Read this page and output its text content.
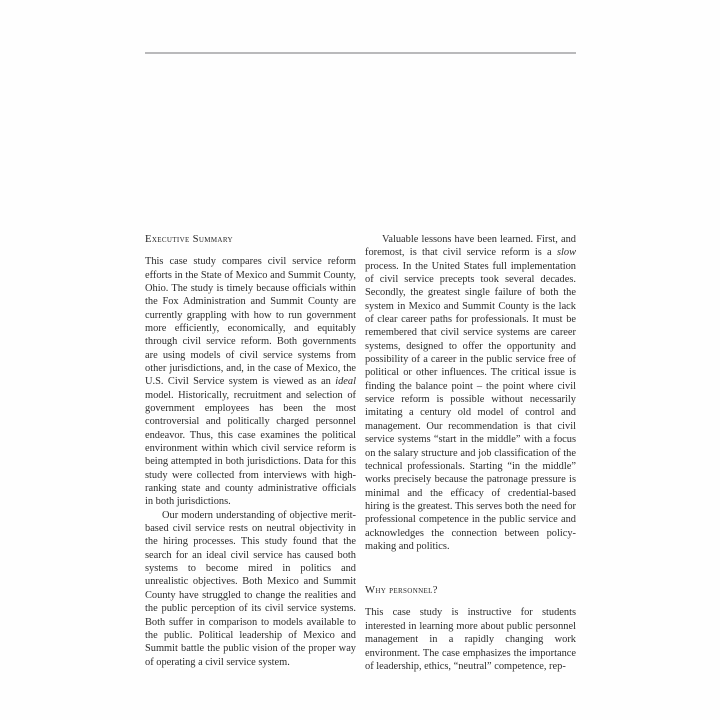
Executive Summary

This case study compares civil service reform efforts in the State of Mexico and Summit County, Ohio. The study is timely because officials within the Fox Administration and Summit County are currently grappling with how to run government more efficiently, economically, and equitably through civil service reform. Both governments are using models of civil service systems from other jurisdictions, and, in the case of Mexico, the U.S. Civil Service system is viewed as an ideal model. Historically, recruitment and selection of government employees has been the most controversial and politically charged personnel endeavor. Thus, this case examines the political environment within which civil service reform is being attempted in both jurisdictions. Data for this study were collected from interviews with high-ranking state and county administrative officials in both jurisdictions.

Our modern understanding of objective merit-based civil service rests on neutral objectivity in the hiring processes. This study found that the search for an ideal civil service has caused both systems to become mired in politics and unrealistic objectives. Both Mexico and Summit County have struggled to change the realities and the public perception of its civil service systems. Both suffer in comparison to models available to the public. Political leadership of Mexico and Summit battle the public vision of the proper way of operating a civil service system.

Valuable lessons have been learned. First, and foremost, is that civil service reform is a slow process. In the United States full implementation of civil service precepts took several decades. Secondly, the greatest single failure of both the system in Mexico and Summit County is the lack of clear career paths for professionals. It must be remembered that civil service systems are career systems, designed to offer the opportunity and possibility of a career in the public service free of political or other influences. The critical issue is finding the balance point – the point where civil service reform is possible without necessarily imitating a century old model of control and management. Our recommendation is that civil service systems “start in the middle” with a focus on the salary structure and job classification of the technical professionals. Starting “in the middle” works precisely because the patronage pressure is minimal and the efficacy of credential-based hiring is the greatest. This serves both the need for professional competence in the public service and acknowledges the connection between policy-making and politics.

Why personnel?

This case study is instructive for students interested in learning more about public personnel management in a rapidly changing work environment. The case emphasizes the importance of leadership, ethics, “neutral” competence, rep-
